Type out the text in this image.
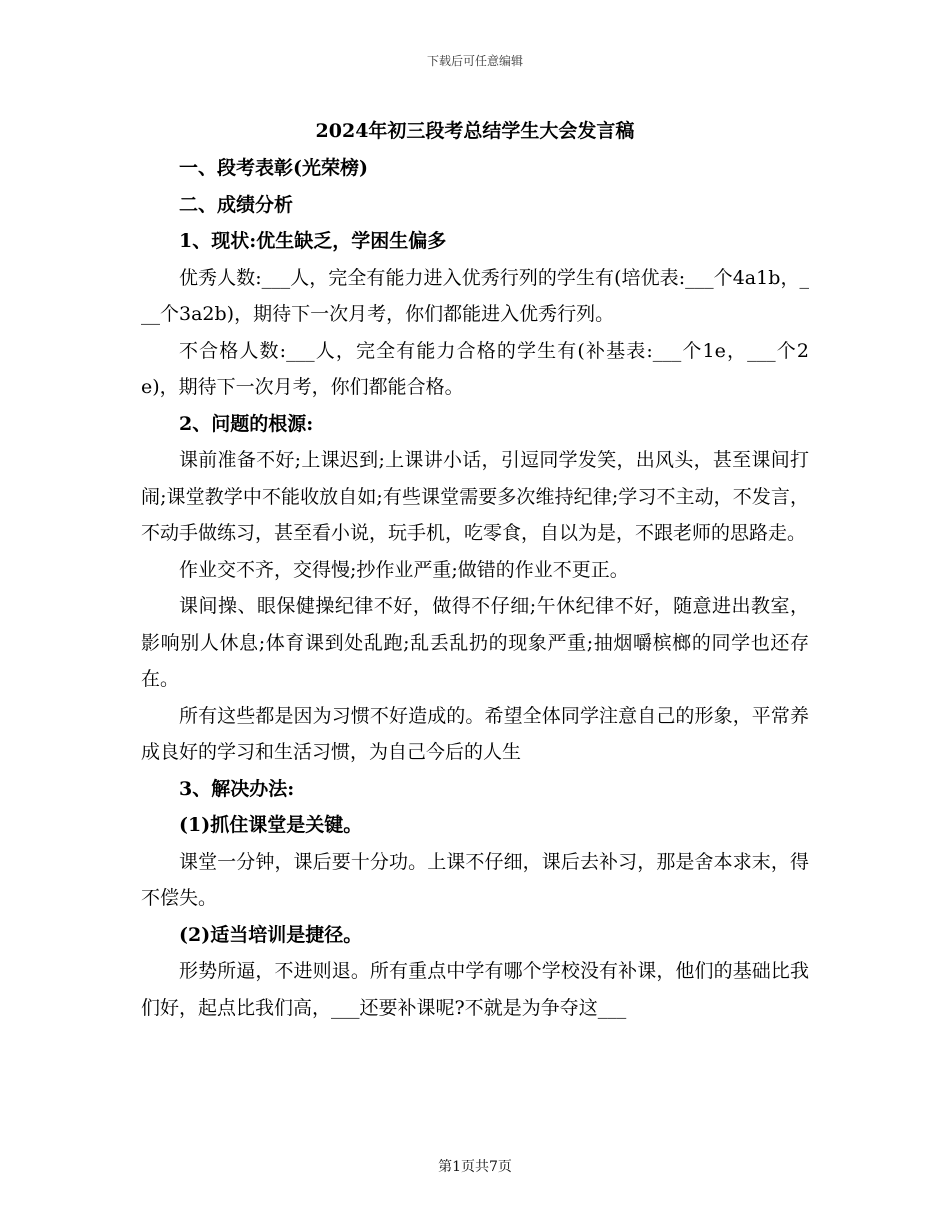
下载后可任意编辑
2024年初三段考总结学生大会发言稿

一、段考表彰(光荣榜)

二、成绩分析

1、现状:优生缺乏，学困生偏多

优秀人数:___人，完全有能力进入优秀行列的学生有(培优表:___个4a1b，___个3a2b)，期待下一次月考，你们都能进入优秀行列。

不合格人数:___人，完全有能力合格的学生有(补基表:___个1e，___个2e)，期待下一次月考，你们都能合格。

2、问题的根源:

课前准备不好;上课迟到;上课讲小话，引逗同学发笑，出风头，甚至课间打闹;课堂教学中不能收放自如;有些课堂需要多次维持纪律;学习不主动，不发言，不动手做练习，甚至看小说，玩手机，吃零食，自以为是，不跟老师的思路走。

作业交不齐，交得慢;抄作业严重;做错的作业不更正。

课间操、眼保健操纪律不好，做得不仔细;午休纪律不好，随意进出教室，影响别人休息;体育课到处乱跑;乱丢乱扔的现象严重;抽烟嚼槟榔的同学也还存在。

所有这些都是因为习惯不好造成的。希望全体同学注意自己的形象，平常养成良好的学习和生活习惯，为自己今后的人生

3、解决办法:

(1)抓住课堂是关键。

课堂一分钟，课后要十分功。上课不仔细，课后去补习，那是舍本求末，得不偿失。

(2)适当培训是捷径。

形势所逼，不进则退。所有重点中学有哪个学校没有补课，他们的基础比我们好，起点比我们高，___还要补课呢?不就是为争夺这___

第1页共7页
